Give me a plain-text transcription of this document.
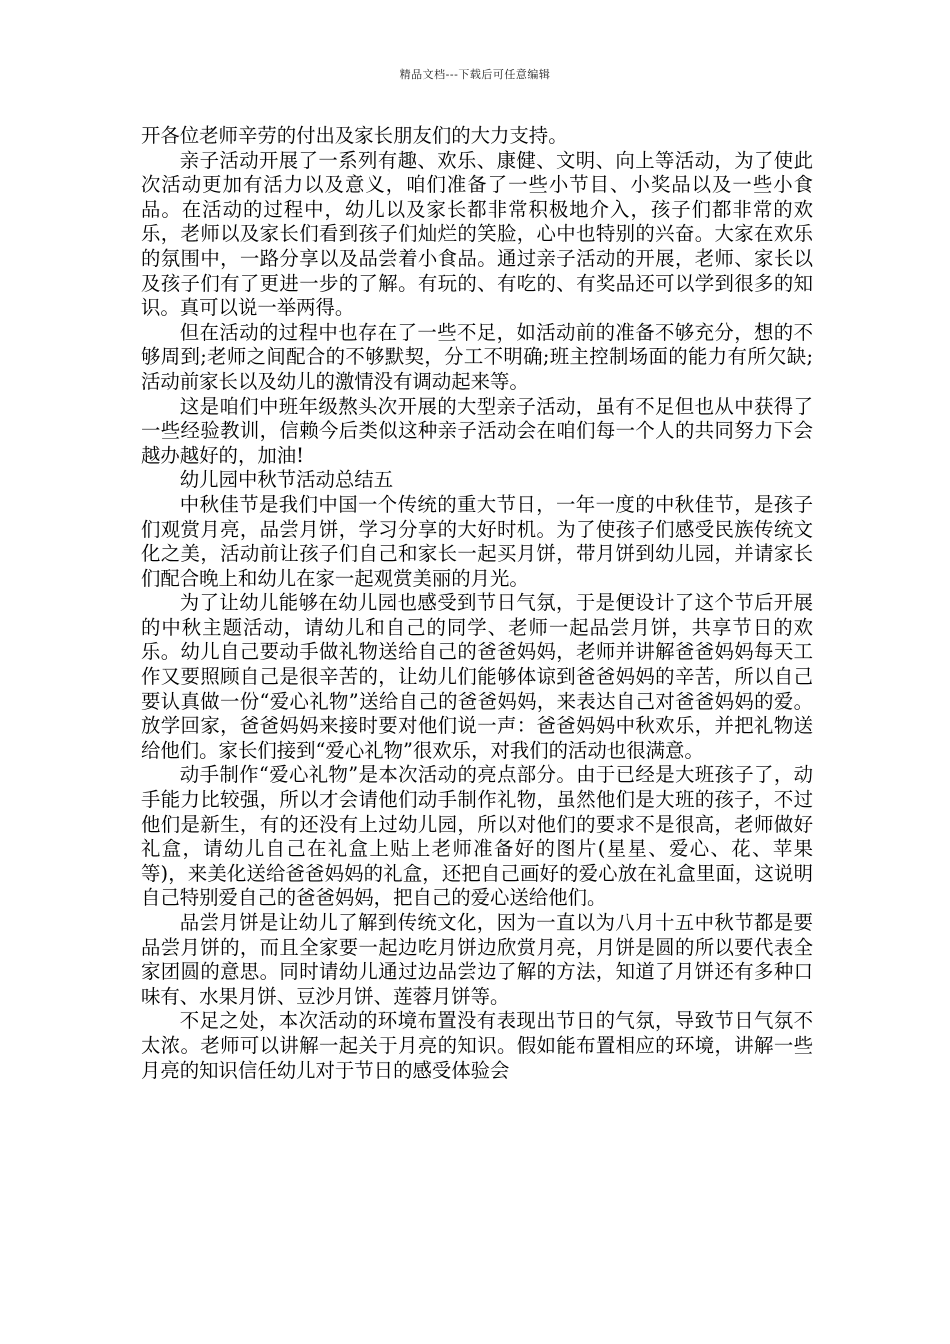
精品文档---下载后可任意编辑

开各位老师辛劳的付出及家长朋友们的大力支持。

亲子活动开展了一系列有趣、欢乐、康健、文明、向上等活动，为了使此次活动更加有活力以及意义，咱们准备了一些小节目、小奖品以及一些小食品。在活动的过程中，幼儿以及家长都非常积极地介入，孩子们都非常的欢乐，老师以及家长们看到孩子们灿烂的笑脸，心中也特别的兴奋。大家在欢乐的氛围中，一路分享以及品尝着小食品。通过亲子活动的开展，老师、家长以及孩子们有了更进一步的了解。有玩的、有吃的、有奖品还可以学到很多的知识。真可以说一举两得。

但在活动的过程中也存在了一些不足，如活动前的准备不够充分，想的不够周到;老师之间配合的不够默契，分工不明确;班主控制场面的能力有所欠缺;活动前家长以及幼儿的激情没有调动起来等。

这是咱们中班年级熬头次开展的大型亲子活动，虽有不足但也从中获得了一些经验教训，信赖今后类似这种亲子活动会在咱们每一个人的共同努力下会越办越好的，加油!

幼儿园中秋节活动总结五

中秋佳节是我们中国一个传统的重大节日，一年一度的中秋佳节，是孩子们观赏月亮，品尝月饼，学习分享的大好时机。为了使孩子们感受民族传统文化之美，活动前让孩子们自己和家长一起买月饼，带月饼到幼儿园，并请家长们配合晚上和幼儿在家一起观赏美丽的月光。

为了让幼儿能够在幼儿园也感受到节日气氛，于是便设计了这个节后开展的中秋主题活动，请幼儿和自己的同学、老师一起品尝月饼，共享节日的欢乐。幼儿自己要动手做礼物送给自己的爸爸妈妈，老师并讲解爸爸妈妈每天工作又要照顾自己是很辛苦的，让幼儿们能够体谅到爸爸妈妈的辛苦，所以自己要认真做一份“爱心礼物”送给自己的爸爸妈妈，来表达自己对爸爸妈妈的爱。放学回家，爸爸妈妈来接时要对他们说一声：爸爸妈妈中秋欢乐，并把礼物送给他们。家长们接到“爱心礼物”很欢乐，对我们的活动也很满意。

动手制作“爱心礼物”是本次活动的亮点部分。由于已经是大班孩子了，动手能力比较强，所以才会请他们动手制作礼物，虽然他们是大班的孩子，不过他们是新生，有的还没有上过幼儿园，所以对他们的要求不是很高，老师做好礼盒，请幼儿自己在礼盒上贴上老师准备好的图片(星星、爱心、花、苹果等)，来美化送给爸爸妈妈的礼盒，还把自己画好的爱心放在礼盒里面，这说明自己特别爱自己的爸爸妈妈，把自己的爱心送给他们。

品尝月饼是让幼儿了解到传统文化，因为一直以为八月十五中秋节都是要品尝月饼的，而且全家要一起边吃月饼边欣赏月亮，月饼是圆的所以要代表全家团圆的意思。同时请幼儿通过边品尝边了解的方法，知道了月饼还有多种口味有、水果月饼、豆沙月饼、莲蓉月饼等。

不足之处，本次活动的环境布置没有表现出节日的气氛，导致节日气氛不太浓。老师可以讲解一起关于月亮的知识。假如能布置相应的环境，讲解一些月亮的知识信任幼儿对于节日的感受体验会
